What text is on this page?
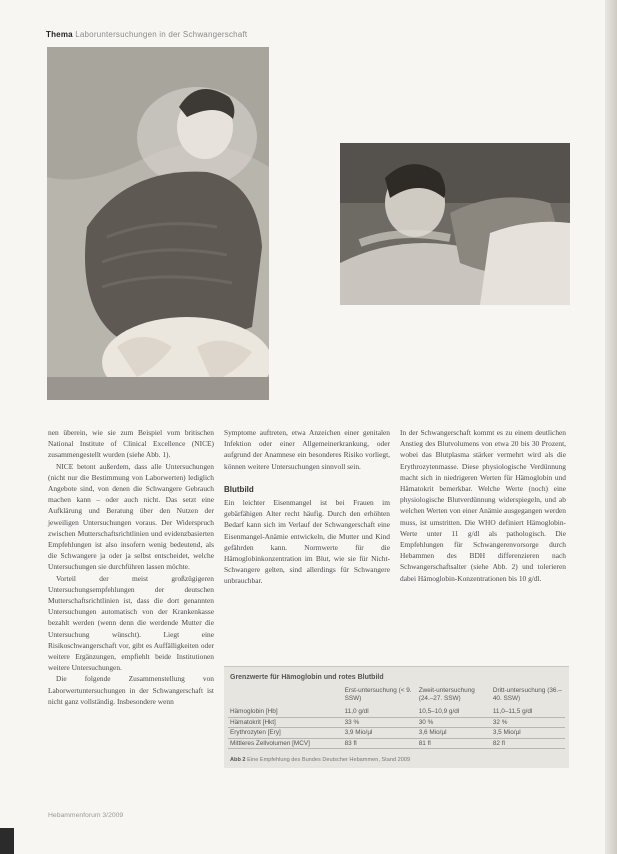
Thema Laboruntersuchungen in der Schwangerschaft

nen überein, wie sie zum Beispiel vom britischen National Institute of Clinical Excellence (NICE) zusammengestellt wurden (siehe Abb. 1).

NICE betont außerdem, dass alle Untersuchungen (nicht nur die Bestimmung von Laborwerten) lediglich Angebote sind, von denen die Schwangere Gebrauch machen kann – oder auch nicht. Das setzt eine Aufklärung und Beratung über den Nutzen der jeweiligen Untersuchungen voraus. Der Widerspruch zwischen Mutterschaftsrichtlinien und evidenzbasierten Empfehlungen ist also insofern wenig bedeutend, als die Schwangere ja oder ja selbst entscheidet, welche Untersuchungen sie durchführen lassen möchte.

Vorteil der meist großzügigeren Untersuchungsempfehlungen der deutschen Mutterschaftsrichtlinien ist, dass die dort genannten Untersuchungen automatisch von der Krankenkasse bezahlt werden (wenn denn die werdende Mutter die Untersuchung wünscht). Liegt eine Risikoschwangerschaft vor, gibt es Auffälligkeiten oder weitere Ergänzungen, empfiehlt beide Institutionen weitere Untersuchungen.

Die folgende Zusammenstellung von Laborwertuntersuchungen in der Schwangerschaft ist nicht ganz vollständig. Insbesondere wenn

Symptome auftreten, etwa Anzeichen einer genitalen Infektion oder einer Allgemeinerkrankung, oder aufgrund der Anamnese ein besonderes Risiko vorliegt, können weitere Untersuchungen sinnvoll sein.

Blutbild

Ein leichter Eisenmangel ist bei Frauen im gebärfähigen Alter recht häufig. Durch den erhöhten Bedarf kann sich im Verlauf der Schwangerschaft eine Eisenmangel-Anämie entwickeln, die Mutter und Kind gefährden kann. Normwerte für die Hämoglobinkonzentration im Blut, wie sie für Nicht-Schwangere gelten, sind allerdings für Schwangere unbrauchbar.

In der Schwangerschaft kommt es zu einem deutlichen Anstieg des Blutvolumens von etwa 20 bis 30 Prozent, wobei das Blutplasma stärker vermehrt wird als die Erythrozytenmasse. Diese physiologische Verdünnung macht sich in niedrigeren Werten für Hämoglobin und Hämatokrit bemerkbar. Welche Werte (noch) eine physiologische Blutverdünnung widerspiegeln, und ab welchen Werten von einer Anämie ausgegangen werden muss, ist umstritten. Die WHO definiert Hämoglobin-Werte unter 11 g/dl als pathologisch. Die Empfehlungen für Schwangerenvorsorge durch Hebammen des BDH differenzieren nach Schwangerschaftsalter (siehe Abb. 2) und tolerieren dabei Hämoglobin-Konzentrationen bis 10 g/dl.

Grenzwerte für Hämoglobin und rotes Blutbild
	Erst-untersuchung (< 9. SSW)	Zweit-untersuchung (24.–27. SSW)	Dritt-untersuchung (36.–40. SSW)
Hämoglobin [Hb]	11,0 g/dl	10,5–10,9 g/dl	11,0–11,5 g/dl
Hämatokrit [Hkt]	33 %	30 %	32 %
Erythrozyten [Ery]	3,9 Mio/µl	3,6 Mio/µl	3,5 Mio/µl
Mittleres Zellvolumen [MCV]	83 fl	81 fl	82 fl
Abb 2 Eine Empfehlung des Bundes Deutscher Hebammen, Stand 2009
Hebammenforum 3/2009
